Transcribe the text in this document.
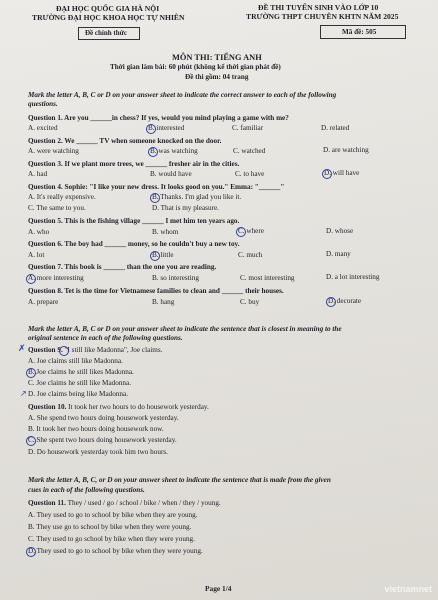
ĐẠI HỌC QUỐC GIA HÀ NỘI
TRƯỜNG ĐẠI HỌC KHOA HỌC TỰ NHIÊN
Đề chính thức
ĐỀ THI TUYỂN SINH VÀO LỚP 10
TRƯỜNG THPT CHUYÊN KHTN NĂM 2025
Mã đề: 505
MÔN THI: TIẾNG ANH
Thời gian làm bài: 60 phút (không kể thời gian phát đề)
Đề thi gồm: 04 trang
Mark the letter A, B, C or D on your answer sheet to indicate the correct answer to each of the following
questions.
Question 1. Are you ______in chess? If yes, would you mind playing a game with me?
A. excited	B. interested	C. familiar	D. related
Question 2. We ______ TV when someone knocked on the door.
A. were watching	B. was watching	C. watched	D. are watching
Question 3. If we plant more trees, we ______ fresher air in the cities.
A. had	B. would have	C. to have	D. will have
Question 4. Sophie: "I like your new dress. It looks good on you." Emma: "______"
A. It's really expensive.	B. Thanks. I'm glad you like it.
C. The same to you.	D. That is my pleasure.
Question 5. This is the fishing village ______ I met him ten years ago.
A. who	B. whom	C. where	D. whose
Question 6. The boy had ______ money, so he couldn't buy a new toy.
A. lot	B. little	C. much	D. many
Question 7. This book is ______ than the one you are reading.
A. more interesting	B. so interesting	C. most interesting	D. a lot interesting
Question 8. Tet is the time for Vietnamese families to clean and ______ their houses.
A. prepare	B. hang	C. buy	D. decorate
Mark the letter A, B, C or D on your answer sheet to indicate the sentence that is closest in meaning to the
original sentence in each of the following questions.
✗ Question 9. "I still like Madonna", Joe claims.
A. Joe claims still like Madonna.
B. Joe claims he still likes Madonna.
C. Joe claims he still like Madonna.
D. Joe claims being like Madonna.
↗
Question 10. It took her two hours to do housework yesterday.
A. She spend two hours doing housework yesterday.
B. It took her two hours doing housework now.
C. She spent two hours doing housework yesterday.
D. Do housework yesterday took him two hours.
Mark the letter A, B, C, or D on your answer sheet to indicate the sentence that is made from the given
cues in each of the following questions.
Question 11. They / used / go / school / bike / when / they / young.
A. They used to go to school by bike when they are young.
B. They use go to school by bike when they were young.
C. They used to go school by bike when they were young.
D. They used to go to school by bike when they were young.
Page 1/4	vietnamnet
